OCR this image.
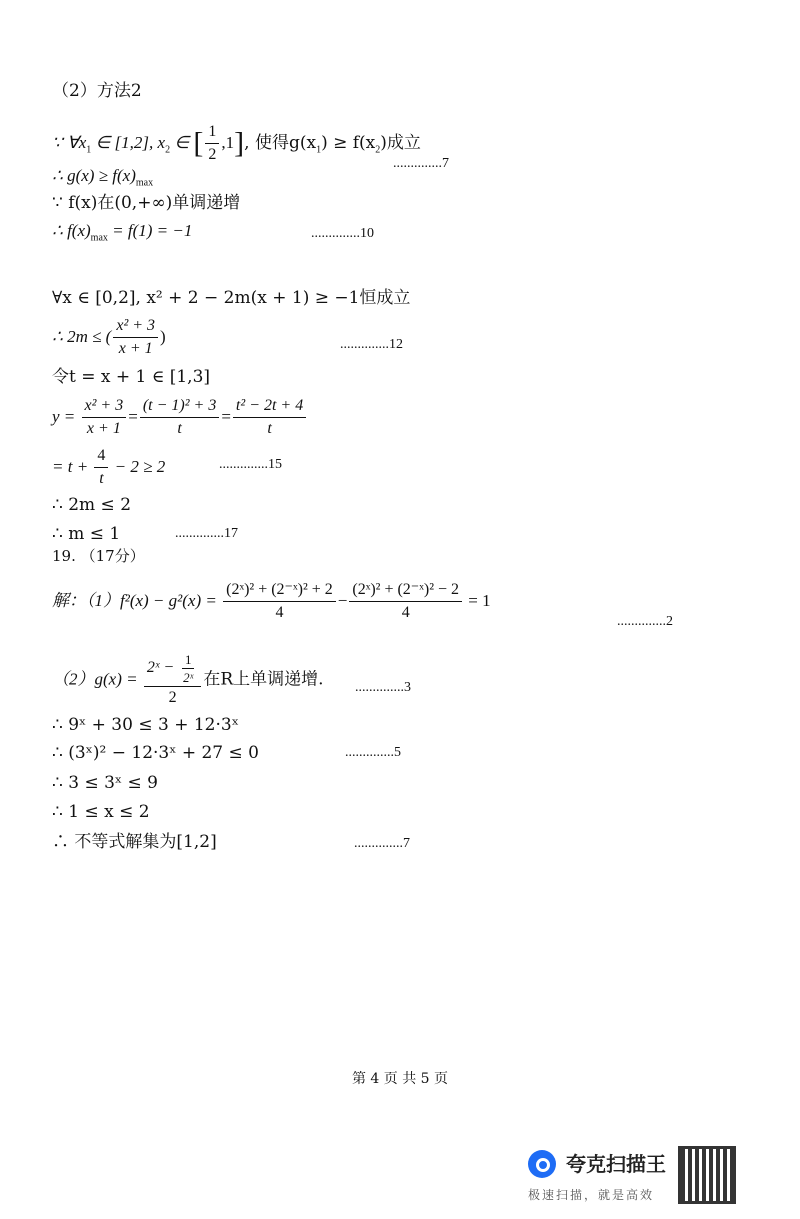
（2）方法2
∵ $\forall x_1$ ∈ [1,2], $x_2$ ∈ [ $\frac{1}{2} ,1$], 使得$g(x_1) \ge f(x_2)$成立
..............7
∴ $g(x) \ge f(x)_{max}$
∵ f(x)在(0,+∞)单调递增
∴ $f(x)_{max} = f(1) = -1$	..............10
∀x ∈ [0,2], x² + 2 − 2m(x + 1) ≥ −1恒成立
∴ 2m ≤ ( $\frac{\text{x² + 3}}{x + 1}$ )	..............12
令t = x + 1 ∈ [1,3]
$y = \frac{\text{x² + 3}}{x + 1} = \frac{\text{(t − 1)² + 3}}{t} = \frac{\text{t² − 2t + 4}}{t}$
= $t + \frac{4}{t} - 2 \ge 2$	..............15
∴ 2m ≤ 2
∴ m ≤ 1	..............17
19. （17分）
解：$(1)f^2(x) - g^2(x) = \frac{\text{(2ˣ)² + (2⁻ˣ)² + 2}}{4} - \frac{\text{(2ˣ)² + (2⁻ˣ)² − 2}}{4} = 1$
..............2
$(2)g(x) = \frac{2ˣ - \frac{1}{\text{2ˣ}}}{2}$ 在R上单调递增. ..............3
∴ 9ˣ + 30 ≤ 3 + 12·3ˣ
∴ (3ˣ)² − 12·3ˣ + 27 ≤ 0	..............5
∴ 3 ≤ 3ˣ ≤ 9
∴ 1 ≤ x ≤ 2
∴ 不等式解集为[1,2]	..............7
第 4 页 共 5 页
夸克扫描王
极速扫描，就是高效
